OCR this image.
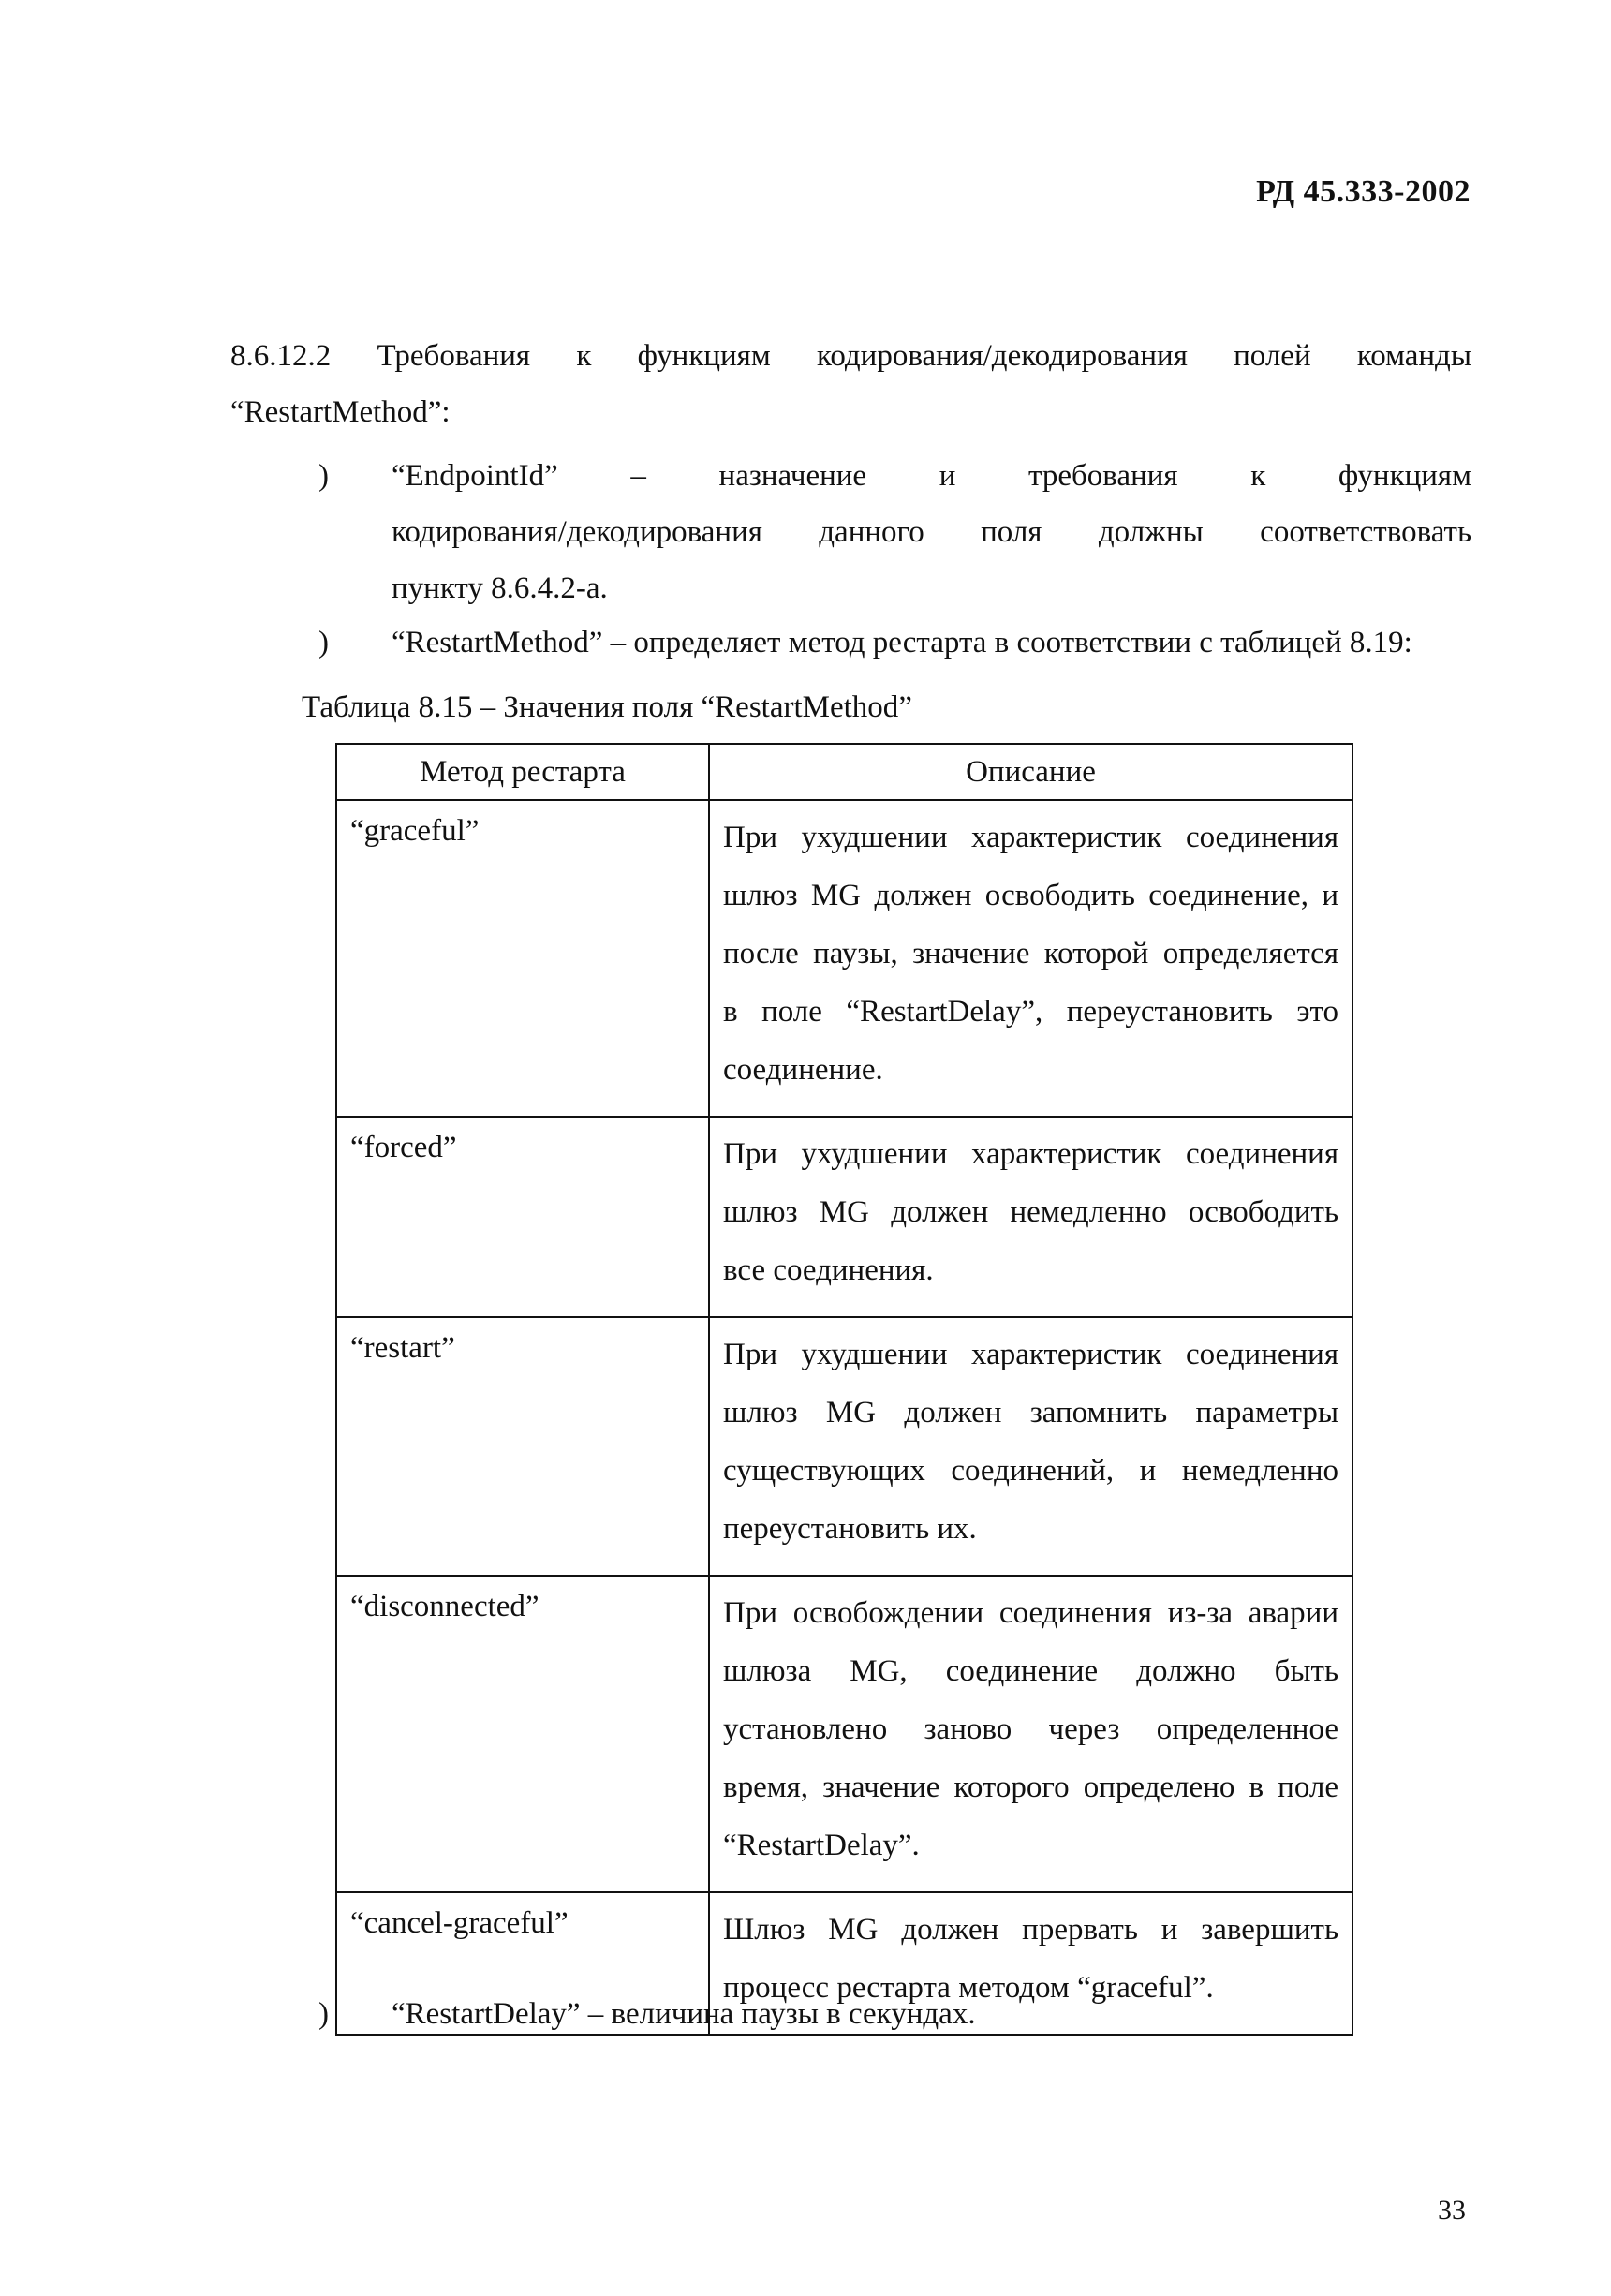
РД 45.333-2002
8.6.12.2 Требования к функциям кодирования/декодирования полей команды
“RestartMethod”:
)	“EndpointId” – назначение и требования к функциям
кодирования/декодирования данного поля должны соответствовать
пункту 8.6.4.2-а.
)	“RestartMethod” – определяет метод рестарта в соответствии с таблицей 8.19:
Таблица 8.15 – Значения поля “RestartMethod”
Метод рестарта	Описание
“graceful”	При ухудшении характеристик соединения
шлюз MG должен освободить соединение, и
после паузы, значение которой определяется
в поле “RestartDelay”, переустановить это
соединение.

“forced”	При ухудшении характеристик соединения
шлюз MG должен немедленно освободить
все соединения.

“restart”	При ухудшении характеристик соединения
шлюз MG должен запомнить параметры
существующих соединений, и немедленно
переустановить их.

“disconnected”	При освобождении соединения из-за аварии
шлюза MG, соединение должно быть
установлено заново через определенное
время, значение которого определено в поле
“RestartDelay”.

“cancel-graceful”	Шлюз MG должен прервать и завершить
процесс рестарта методом “graceful”.
)	“RestartDelay” – величина паузы в секундах.
33
